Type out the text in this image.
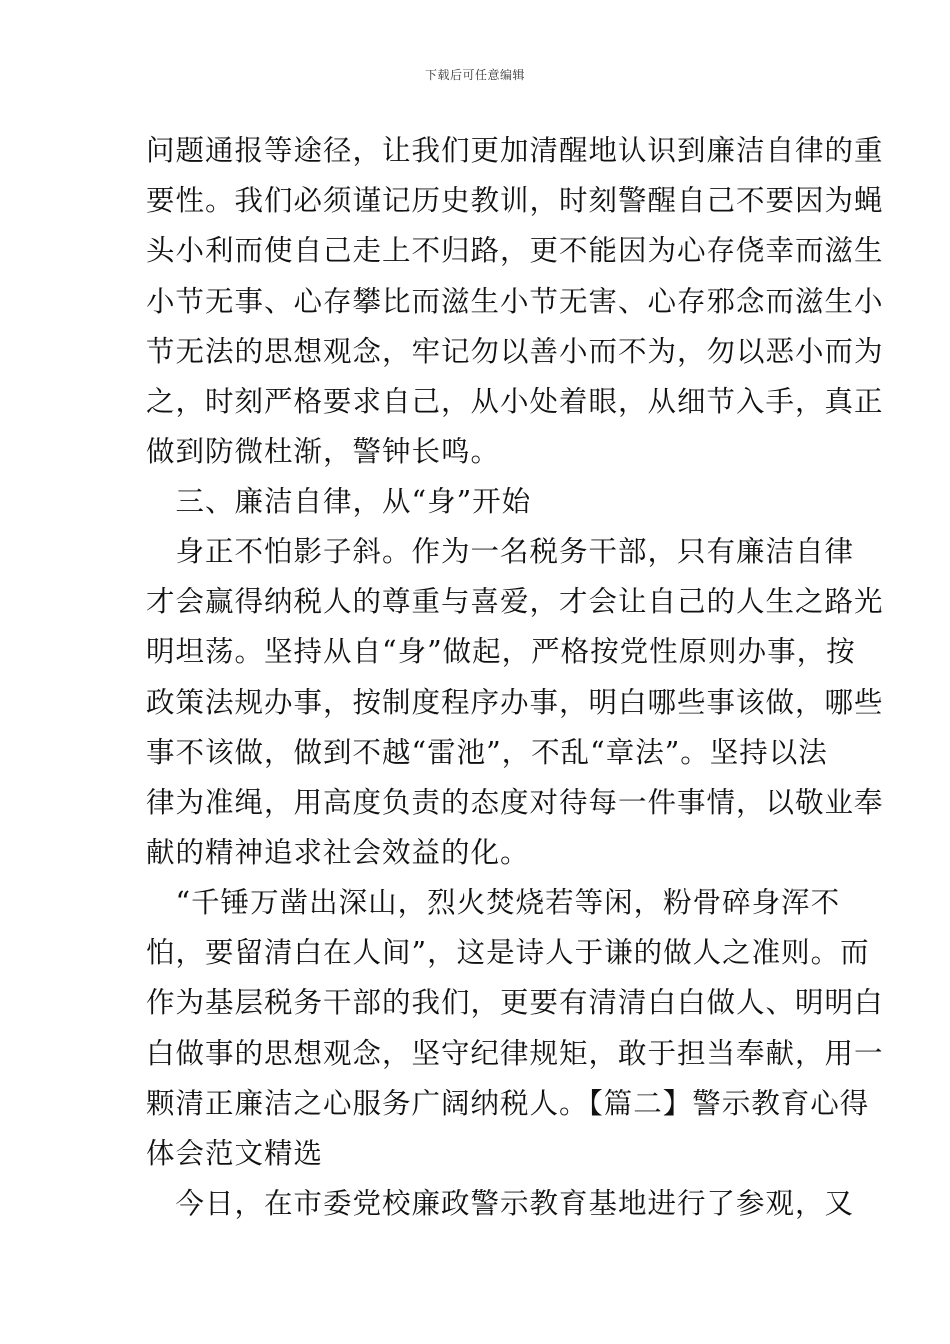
下载后可任意编辑
问题通报等途径，让我们更加清醒地认识到廉洁自律的重
要性。我们必须谨记历史教训，时刻警醒自己不要因为蝇
头小利而使自己走上不归路，更不能因为心存侥幸而滋生
小节无事、心存攀比而滋生小节无害、心存邪念而滋生小
节无法的思想观念，牢记勿以善小而不为，勿以恶小而为
之，时刻严格要求自己，从小处着眼，从细节入手，真正
做到防微杜渐，警钟长鸣。
　三、廉洁自律，从“身”开始
　身正不怕影子斜。作为一名税务干部，只有廉洁自律
才会赢得纳税人的尊重与喜爱，才会让自己的人生之路光
明坦荡。坚持从自“身”做起，严格按党性原则办事，按
政策法规办事，按制度程序办事，明白哪些事该做，哪些
事不该做，做到不越“雷池”，不乱“章法”。坚持以法
律为准绳，用高度负责的态度对待每一件事情，以敬业奉
献的精神追求社会效益的化。
　“千锤万凿出深山，烈火焚烧若等闲，粉骨碎身浑不
怕，要留清白在人间”，这是诗人于谦的做人之准则。而
作为基层税务干部的我们，更要有清清白白做人、明明白
白做事的思想观念，坚守纪律规矩，敢于担当奉献，用一
颗清正廉洁之心服务广阔纳税人。【篇二】警示教育心得
体会范文精选
　今日，在市委党校廉政警示教育基地进行了参观，又
